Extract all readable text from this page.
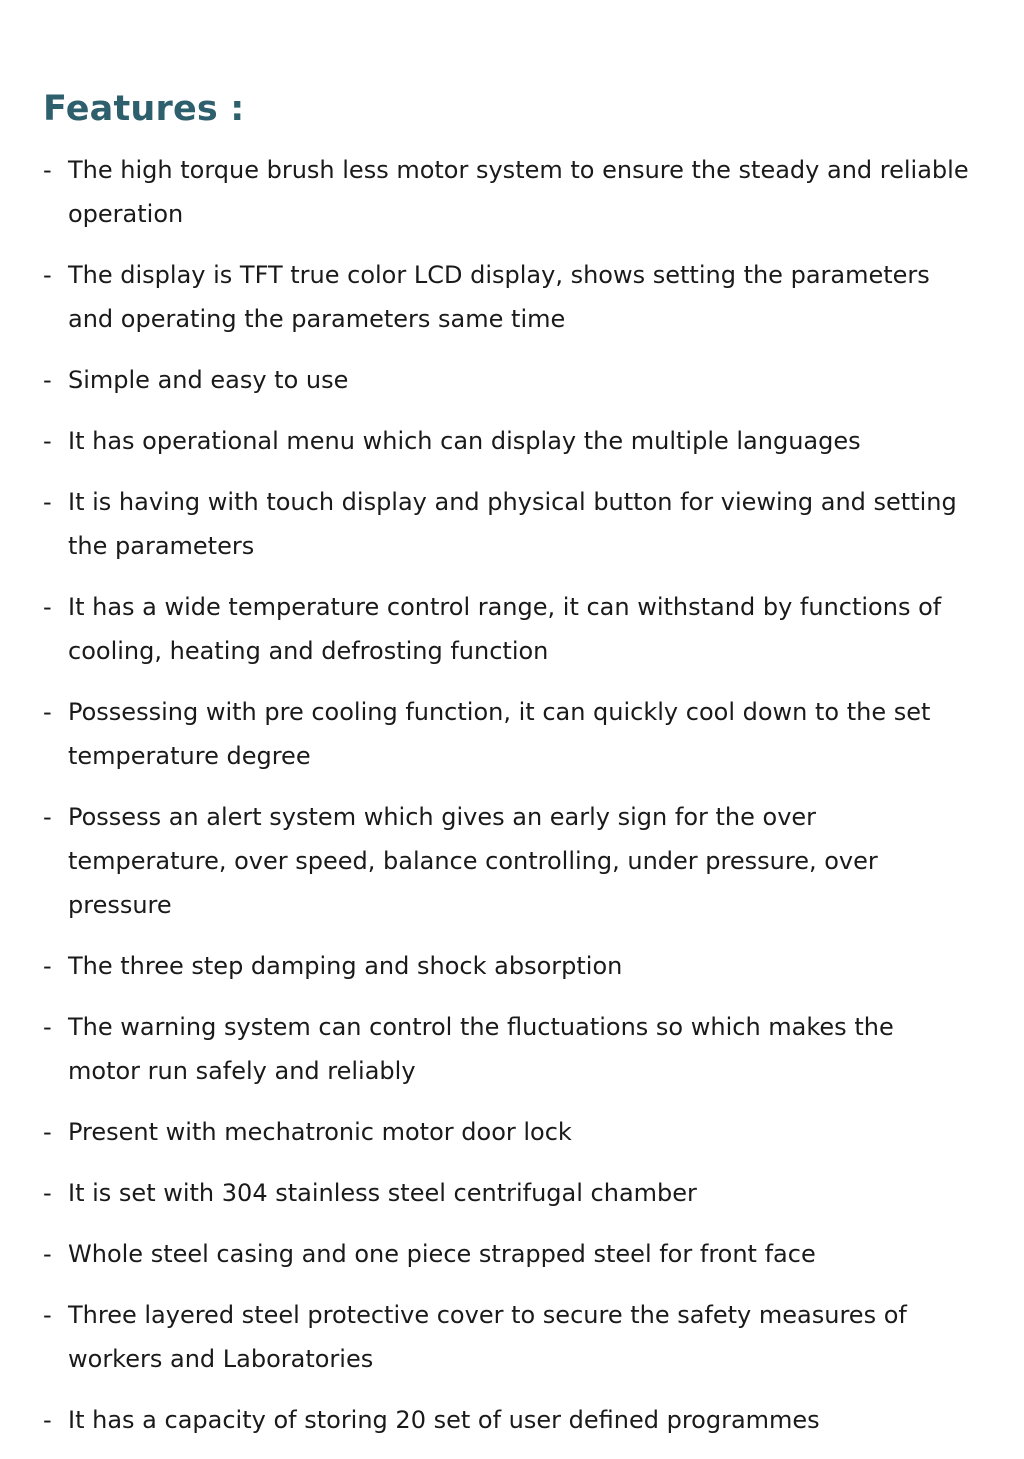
Features :
- The high torque brush less motor system to ensure the steady and reliable operation
- The display is TFT true color LCD display, shows setting the parameters and operating the parameters same time
- Simple and easy to use
- It has operational menu which can display the multiple languages
- It is having with touch display and physical button for viewing and setting the parameters
- It has a wide temperature control range, it can withstand by functions of cooling, heating and defrosting function
- Possessing with pre cooling function, it can quickly cool down to the set temperature degree
- Possess an alert system which gives an early sign for the over temperature, over speed, balance controlling, under pressure, over pressure
- The three step damping and shock absorption
- The warning system can control the fluctuations so which makes the motor run safely and reliably
- Present with mechatronic motor door lock
- It is set with 304 stainless steel centrifugal chamber
- Whole steel casing and one piece strapped steel for front face
- Three layered steel protective cover to secure the safety measures of workers and Laboratories
- It has a capacity of storing 20 set of user defined programmes
